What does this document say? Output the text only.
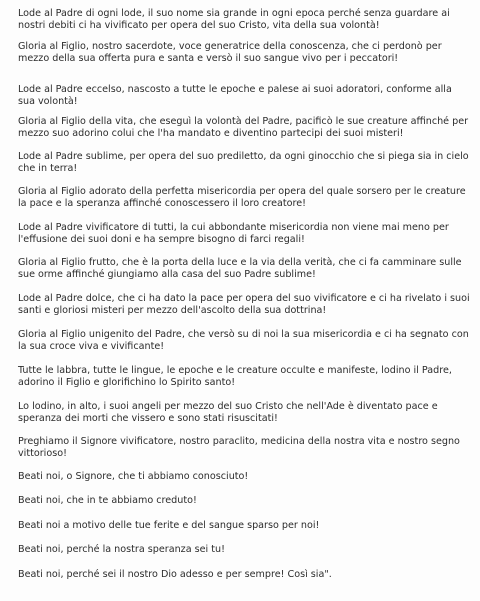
Lode al Padre di ogni lode, il suo nome sia grande in ogni epoca perché senza guardare ai nostri debiti ci ha vivificato per opera del suo Cristo, vita della sua volontà!

Gloria al Figlio, nostro sacerdote, voce generatrice della conoscenza, che ci perdonò per mezzo della sua offerta pura e santa e versò il suo sangue vivo per i peccatori!

Lode al Padre eccelso, nascosto a tutte le epoche e palese ai suoi adoratori, conforme alla sua volontà!

Gloria al Figlio della vita, che eseguì la volontà del Padre, pacificò le sue creature affinché per mezzo suo adorino colui che l'ha mandato e diventino partecipi dei suoi misteri!

Lode al Padre sublime, per opera del suo prediletto, da ogni ginocchio che si piega sia in cielo che in terra!

Gloria al Figlio adorato della perfetta misericordia per opera del quale sorsero per le creature la pace e la speranza affinché conoscessero il loro creatore!

Lode al Padre vivificatore di tutti, la cui abbondante misericordia non viene mai meno per l'effusione dei suoi doni e ha sempre bisogno di farci regali!

Gloria al Figlio frutto, che è la porta della luce e la via della verità, che ci fa camminare sulle sue orme affinché giungiamo alla casa del suo Padre sublime!

Lode al Padre dolce, che ci ha dato la pace per opera del suo vivificatore e ci ha rivelato i suoi santi e gloriosi misteri per mezzo dell'ascolto della sua dottrina!

Gloria al Figlio unigenito del Padre, che versò su di noi la sua misericordia e ci ha segnato con la sua croce viva e vivificante!

Tutte le labbra, tutte le lingue, le epoche e le creature occulte e manifeste, lodino il Padre, adorino il Figlio e glorifichino lo Spirito santo!

Lo lodino, in alto, i suoi angeli per mezzo del suo Cristo che nell'Ade è diventato pace e speranza dei morti che vissero e sono stati risuscitati!

Preghiamo il Signore vivificatore, nostro paraclito, medicina della nostra vita e nostro segno vittorioso!

Beati noi, o Signore, che ti abbiamo conosciuto!

Beati noi, che in te abbiamo creduto!

Beati noi a motivo delle tue ferite e del sangue sparso per noi!

Beati noi, perché la nostra speranza sei tu!

Beati noi, perché sei il nostro Dio adesso e per sempre! Così sia".
